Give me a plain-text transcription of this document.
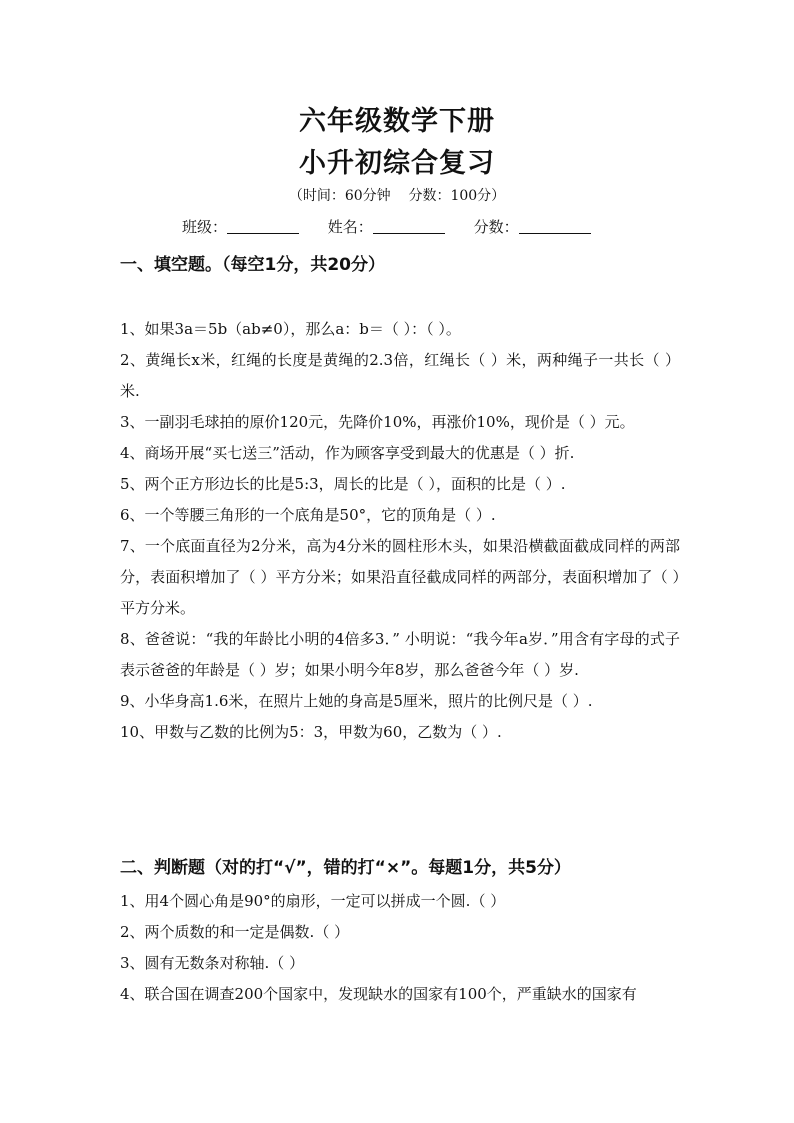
六年级数学下册
小升初综合复习
（时间：60分钟    分数：100分）
班级：	姓名：	分数：
一、填空题。（每空1分，共20分）

1、如果3a＝5b（ab≠0），那么a：b＝（ ）：（ ）。

2、黄绳长x米，红绳的长度是黄绳的2.3倍，红绳长（ ）米，两种绳子一共长（ ）米.

3、一副羽毛球拍的原价120元，先降价10%，再涨价10%，现价是（ ）元。

4、商场开展“买七送三”活动，作为顾客享受到最大的优惠是（ ）折.

5、两个正方形边长的比是5:3，周长的比是（ ），面积的比是（ ）.

6、一个等腰三角形的一个底角是50°，它的顶角是（ ）.

7、一个底面直径为2分米，高为4分米的圆柱形木头，如果沿横截面截成同样的两部分，表面积增加了（ ）平方分米；如果沿直径截成同样的两部分，表面积增加了（ ）平方分米。

8、爸爸说：“我的年龄比小明的4倍多3．” 小明说：“我今年a岁．”用含有字母的式子表示爸爸的年龄是（ ）岁；如果小明今年8岁，那么爸爸今年（ ）岁.

9、小华身高1.6米，在照片上她的身高是5厘米，照片的比例尺是（ ）.

10、甲数与乙数的比例为5：3，甲数为60，乙数为（ ）.

二、判断题（对的打“√”，错的打“×”。每题1分，共5分）

1、用4个圆心角是90°的扇形，一定可以拼成一个圆.（ ）

2、两个质数的和一定是偶数.（ ）

3、圆有无数条对称轴.（ ）

4、联合国在调查200个国家中，发现缺水的国家有100个，严重缺水的国家有
